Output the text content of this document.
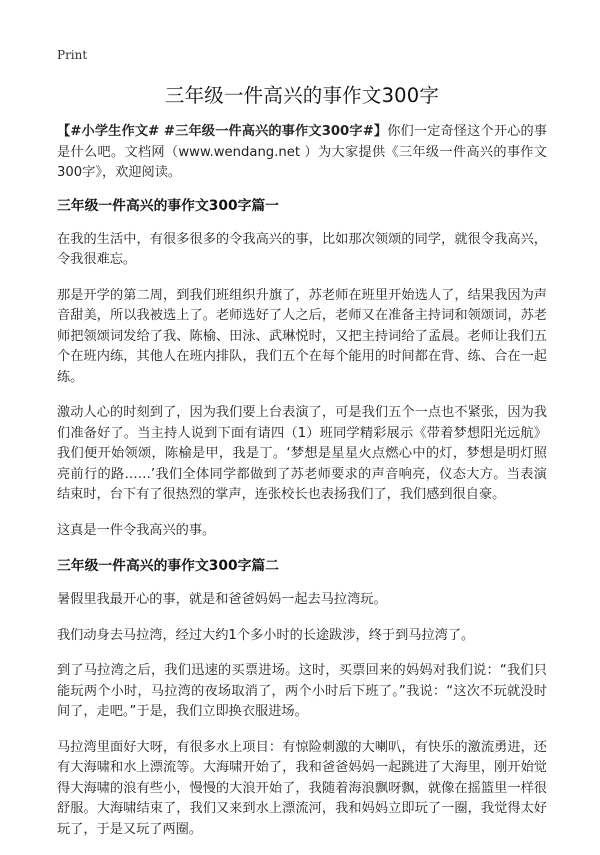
Print
三年级一件高兴的事作文300字

【#小学生作文# #三年级一件高兴的事作文300字#】你们一定奇怪这个开心的事是什么吧。文档网（www.wendang.net ）为大家提供《三年级一件高兴的事作文300字》，欢迎阅读。

三年级一件高兴的事作文300字篇一

在我的生活中，有很多很多的令我高兴的事，比如那次领颂的同学，就很令我高兴，令我很难忘。

那是开学的第二周，到我们班组织升旗了，苏老师在班里开始选人了，结果我因为声音甜美，所以我被选上了。老师选好了人之后，老师又在准备主持词和领颂词，苏老师把领颂词发给了我、陈榆、田泳、武琳悦时，又把主持词给了孟晨。老师让我们五个在班内练，其他人在班内排队，我们五个在每个能用的时间都在背、练、合在一起练。

激动人心的时刻到了，因为我们要上台表演了，可是我们五个一点也不紧张，因为我们准备好了。当主持人说到下面有请四（1）班同学精彩展示《带着梦想阳光远航》我们便开始领颂，陈榆是甲，我是丁。‘梦想是星星火点燃心中的灯，梦想是明灯照亮前行的路……’我们全体同学都做到了苏老师要求的声音响亮，仪态大方。当表演结束时，台下有了很热烈的掌声，连张校长也表扬我们了，我们感到很自豪。

这真是一件令我高兴的事。

三年级一件高兴的事作文300字篇二

暑假里我最开心的事，就是和爸爸妈妈一起去马拉湾玩。

我们动身去马拉湾，经过大约1个多小时的长途跋涉，终于到马拉湾了。

到了马拉湾之后，我们迅速的买票进场。这时，买票回来的妈妈对我们说：“我们只能玩两个小时，马拉湾的夜场取消了，两个小时后下班了。”我说：“这次不玩就没时间了，走吧。”于是，我们立即换衣服进场。

马拉湾里面好大呀，有很多水上项目：有惊险刺激的大喇叭，有快乐的激流勇进，还有大海啸和水上漂流等。大海啸开始了，我和爸爸妈妈一起跳进了大海里，刚开始觉得大海啸的浪有些小，慢慢的大浪开始了，我随着海浪飘呀飘，就像在摇篮里一样很舒服。大海啸结束了，我们又来到水上漂流河，我和妈妈立即玩了一圈，我觉得太好玩了，于是又玩了两圈。
